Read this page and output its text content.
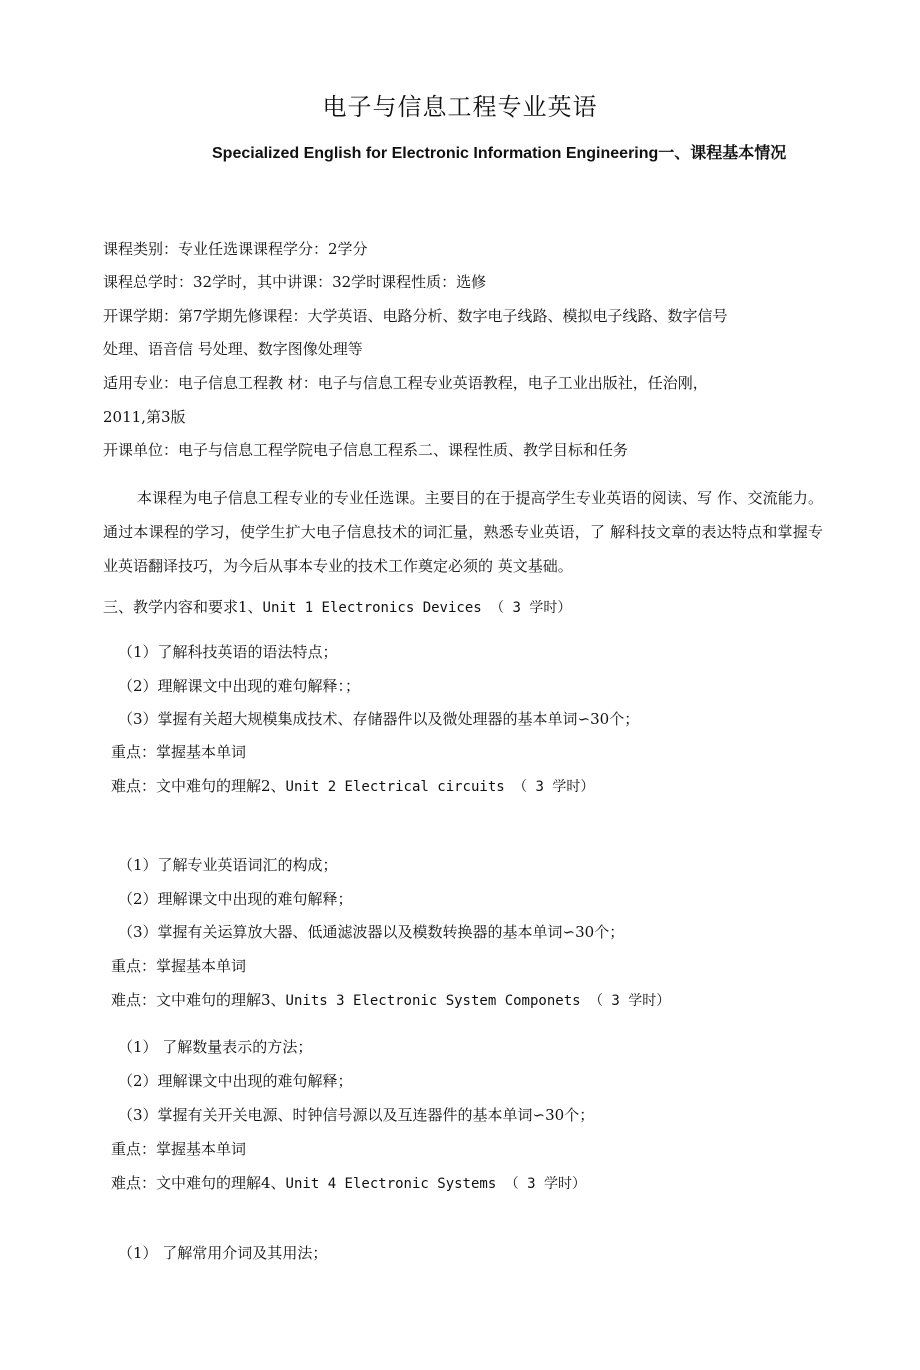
电子与信息工程专业英语
Specialized English for Electronic Information Engineering一、课程基本情况
课程类别：专业任选课课程学分：2学分
课程总学时：32学时，其中讲课：32学时课程性质：选修
开课学期：第7学期先修课程：大学英语、电路分析、数字电子线路、模拟电子线路、数字信号
处理、语音信 号处理、数字图像处理等
适用专业：电子信息工程教 材：电子与信息工程专业英语教程，电子工业出版社，任治刚，
2011,第3版
开课单位：电子与信息工程学院电子信息工程系二、课程性质、教学目标和任务
本课程为电子信息工程专业的专业任选课。主要目的在于提高学生专业英语的阅读、写 作、交流能力。通过本课程的学习，使学生扩大电子信息技术的词汇量，熟悉专业英语，了 解科技文章的表达特点和掌握专业英语翻译技巧，为今后从事本专业的技术工作奠定必须的 英文基础。
三、教学内容和要求1、Unit 1 Electronics Devices （ 3 学时）
（1）了解科技英语的语法特点；
（2）理解课文中出现的难句解释：；
（3）掌握有关超大规模集成技术、存储器件以及微处理器的基本单词∽30个；
重点：掌握基本单词
难点：文中难句的理解2、Unit 2 Electrical circuits （ 3 学时）
（1）了解专业英语词汇的构成；
（2）理解课文中出现的难句解释；
（3）掌握有关运算放大器、低通滤波器以及模数转换器的基本单词∽30个；
重点：掌握基本单词
难点：文中难句的理解3、Units 3 Electronic System Componets （ 3 学时）
（1） 了解数量表示的方法；
（2）理解课文中出现的难句解释；
（3）掌握有关开关电源、时钟信号源以及互连器件的基本单词∽30个；
重点：掌握基本单词
难点：文中难句的理解4、Unit 4 Electronic Systems （ 3 学时）
（1） 了解常用介词及其用法；
